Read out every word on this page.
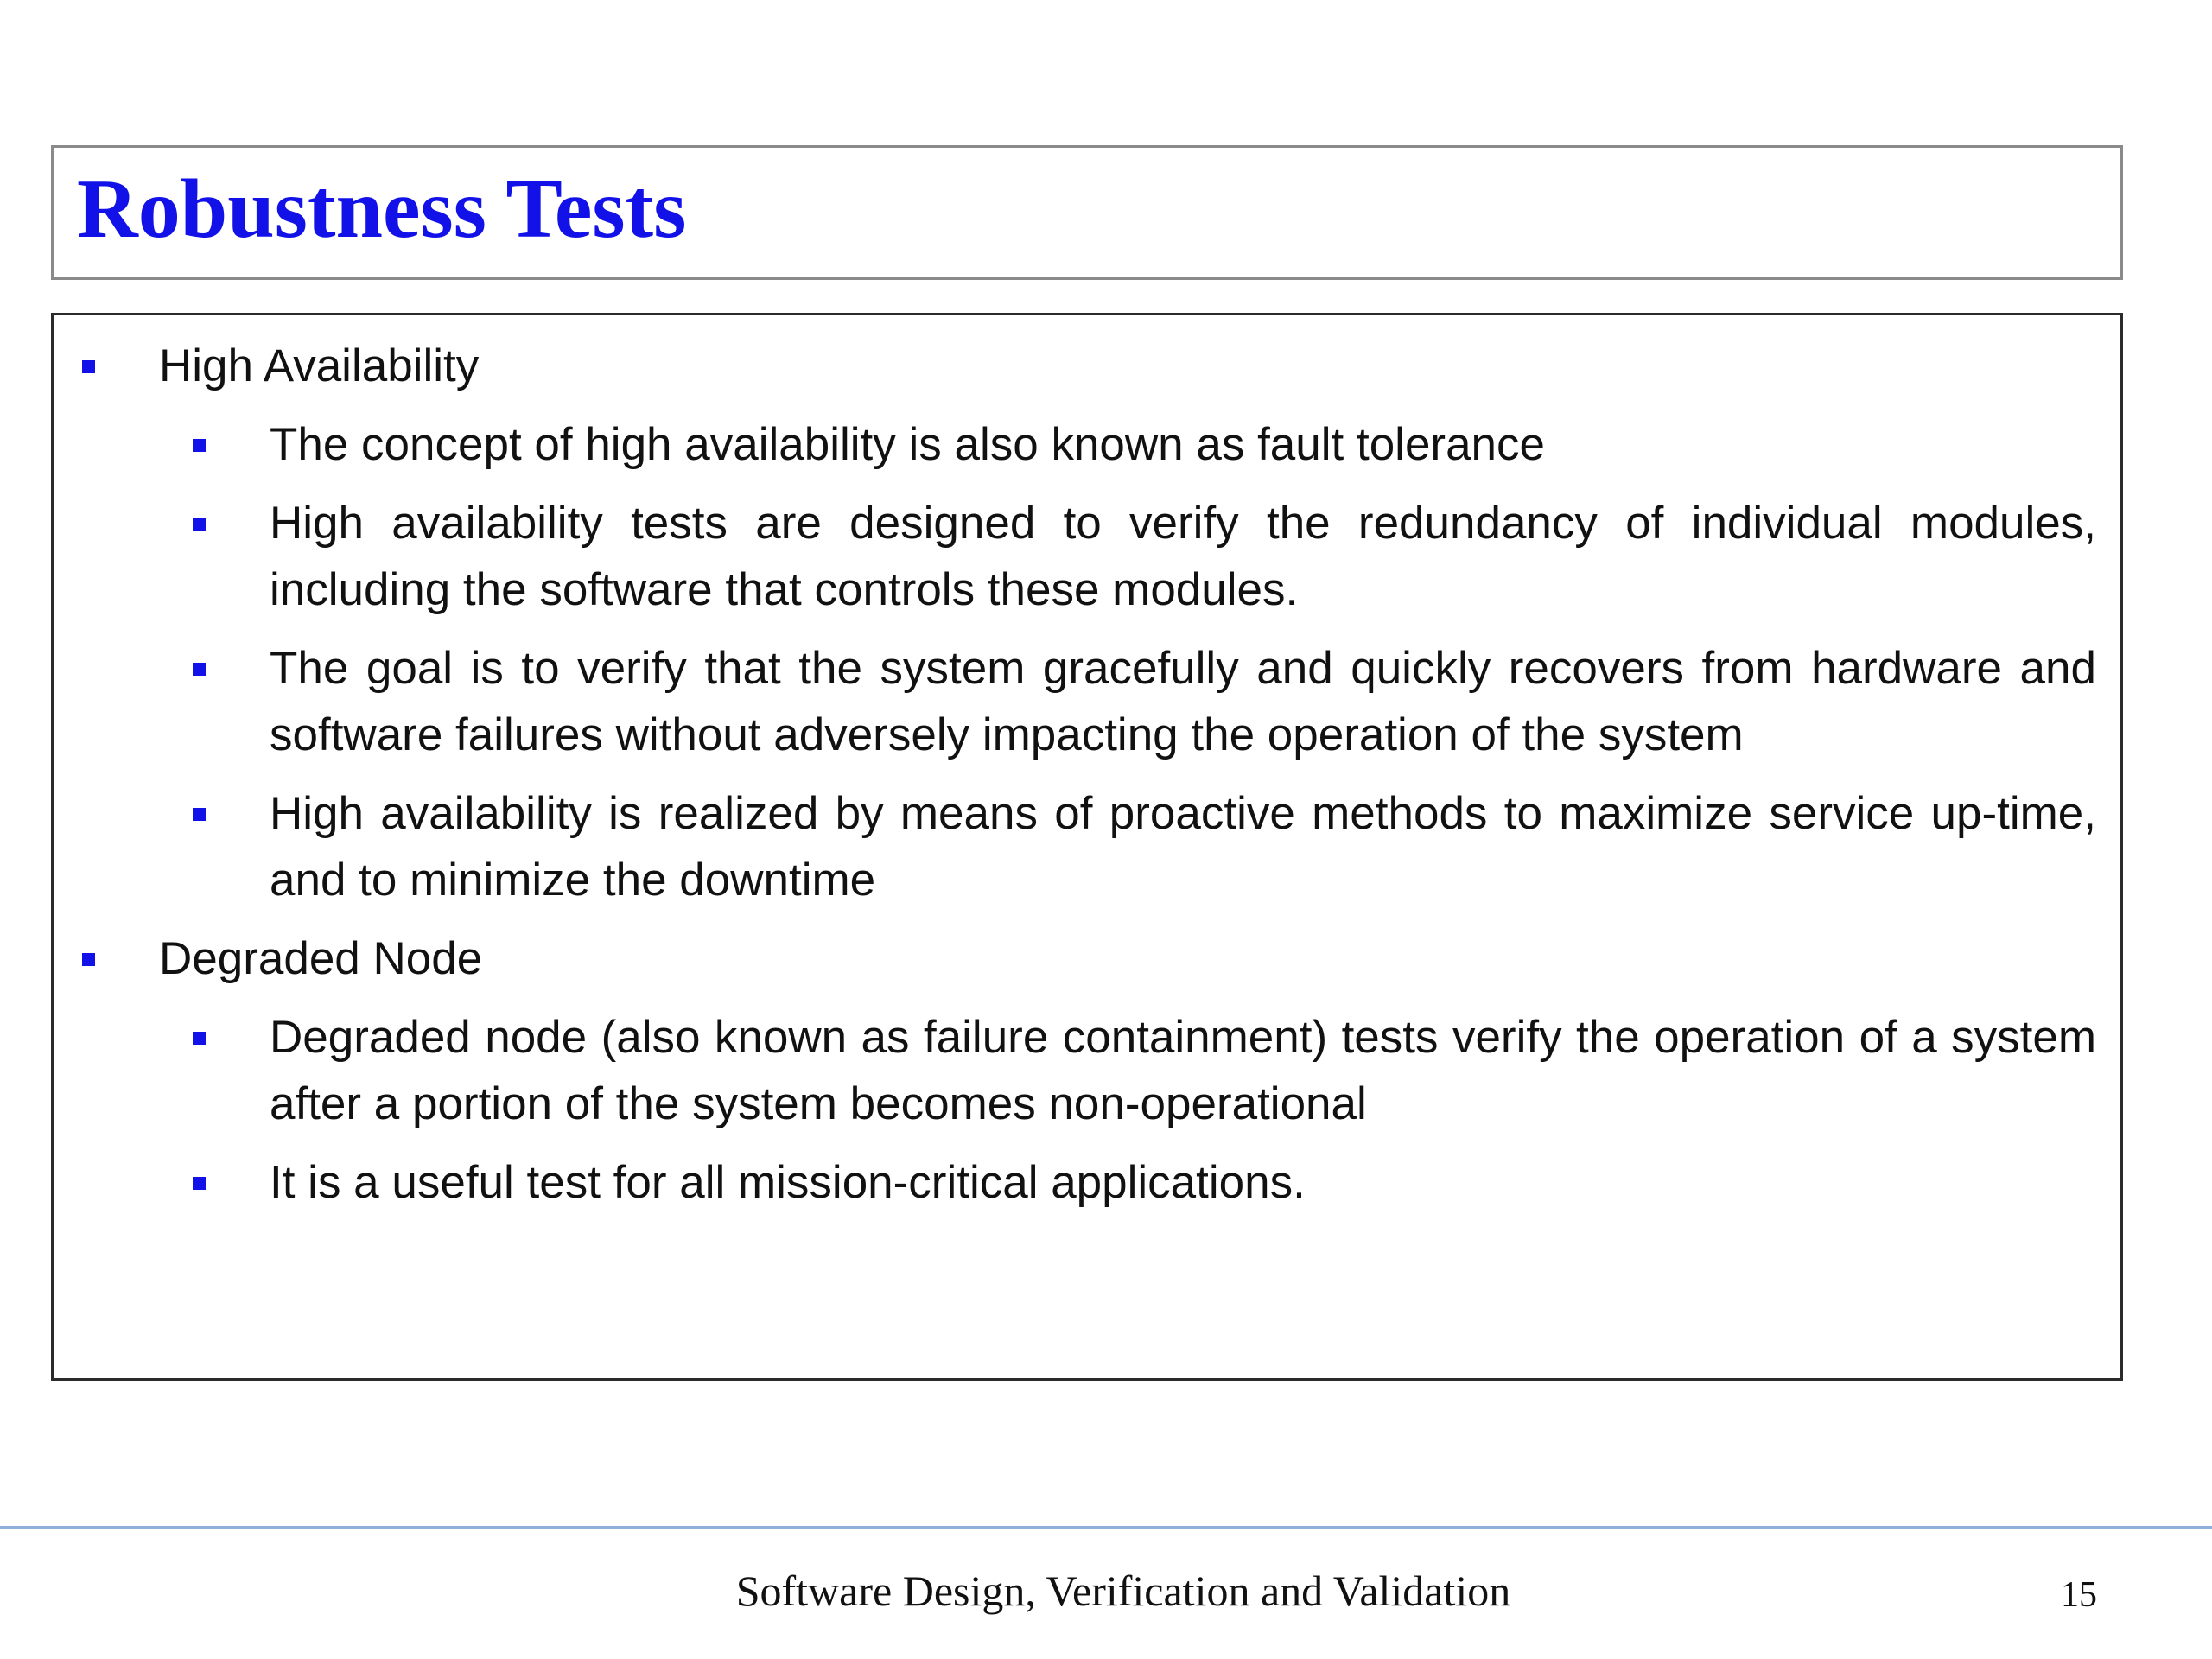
Robustness Tests
High Availability
The concept of high availability is also known as fault tolerance
High availability tests are designed to verify the redundancy of individual modules, including the software that controls these modules.
The goal is to verify that the system gracefully and quickly recovers from hardware and software failures without adversely impacting the operation of the system
High availability is realized by means of proactive methods to maximize service up-time, and to minimize the downtime
Degraded Node
Degraded node (also known as failure containment) tests verify the operation of a system after a portion of the system becomes non-operational
It is a useful test for all mission-critical applications.

Software Design, Verification and Validation	15
